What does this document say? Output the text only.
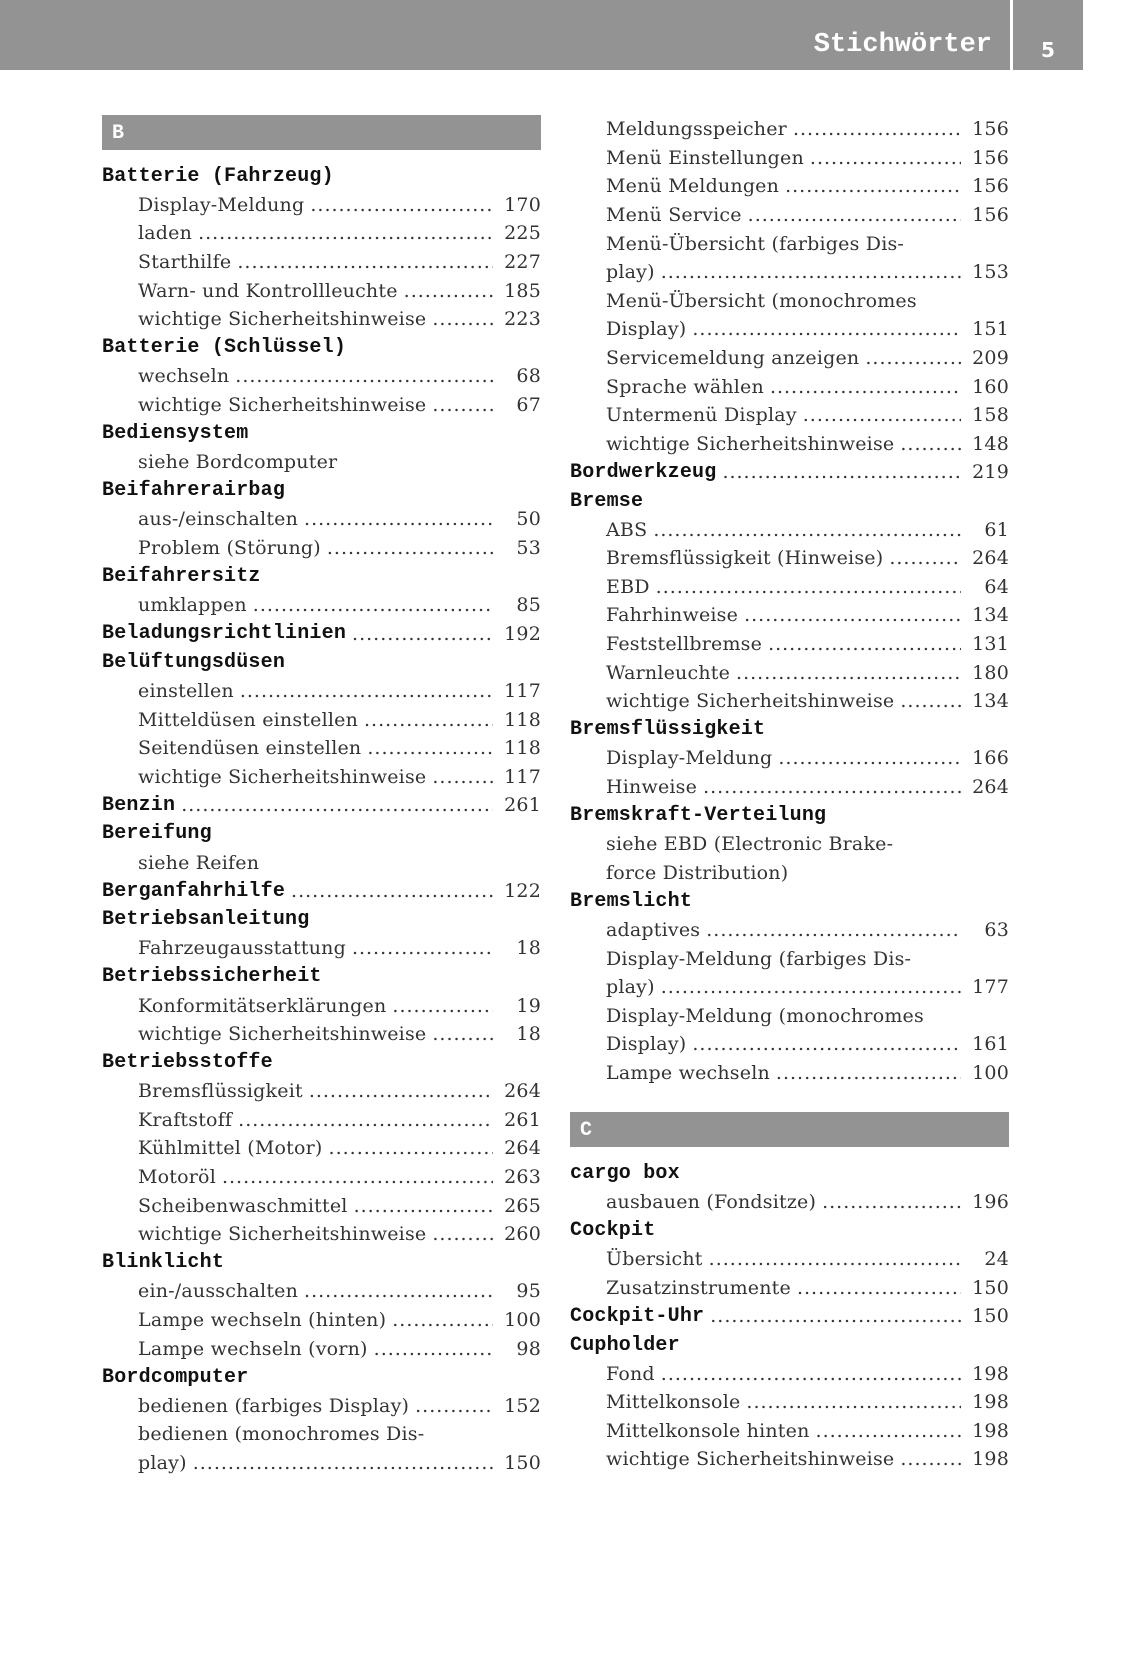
Stichwörter	5
B
Batterie (Fahrzeug)
Display-Meldung .....	170
laden .....	225
Starthilfe .....	227
Warn- und Kontrollleuchte .....	185
wichtige Sicherheitshinweise .....	223
Batterie (Schlüssel)
wechseln .....	68
wichtige Sicherheitshinweise .....	67
Bediensystem
siehe Bordcomputer
Beifahrerairbag
aus-/einschalten .....	50
Problem (Störung) .....	53
Beifahrersitz
umklappen .....	85
Beladungsrichtlinien .....	192
Belüftungsdüsen
einstellen .....	117
Mitteldüsen einstellen .....	118
Seitendüsen einstellen .....	118
wichtige Sicherheitshinweise .....	117
Benzin .....	261
Bereifung
siehe Reifen
Berganfahrhilfe .....	122
Betriebsanleitung
Fahrzeugausstattung .....	18
Betriebssicherheit
Konformitätserklärungen .....	19
wichtige Sicherheitshinweise .....	18
Betriebsstoffe
Bremsflüssigkeit .....	264
Kraftstoff .....	261
Kühlmittel (Motor) .....	264
Motoröl .....	263
Scheibenwaschmittel .....	265
wichtige Sicherheitshinweise .....	260
Blinklicht
ein-/ausschalten .....	95
Lampe wechseln (hinten) .....	100
Lampe wechseln (vorn) .....	98
Bordcomputer
bedienen (farbiges Display) .....	152
bedienen (monochromes Dis-
play) .....	150
Meldungsspeicher .....	156
Menü Einstellungen .....	156
Menü Meldungen .....	156
Menü Service .....	156
Menü-Übersicht (farbiges Dis-
play) .....	153
Menü-Übersicht (monochromes
Display) .....	151
Servicemeldung anzeigen .....	209
Sprache wählen .....	160
Untermenü Display .....	158
wichtige Sicherheitshinweise .....	148
Bordwerkzeug .....	219
Bremse
ABS .....	61
Bremsflüssigkeit (Hinweise) .....	264
EBD .....	64
Fahrhinweise .....	134
Feststellbremse .....	131
Warnleuchte .....	180
wichtige Sicherheitshinweise .....	134
Bremsflüssigkeit
Display-Meldung .....	166
Hinweise .....	264
Bremskraft-Verteilung
siehe EBD (Electronic Brake-
force Distribution)
Bremslicht
adaptives .....	63
Display-Meldung (farbiges Dis-
play) .....	177
Display-Meldung (monochromes
Display) .....	161
Lampe wechseln .....	100
C
cargo box
ausbauen (Fondsitze) .....	196
Cockpit
Übersicht .....	24
Zusatzinstrumente .....	150
Cockpit-Uhr .....	150
Cupholder
Fond .....	198
Mittelkonsole .....	198
Mittelkonsole hinten .....	198
wichtige Sicherheitshinweise .....	198
